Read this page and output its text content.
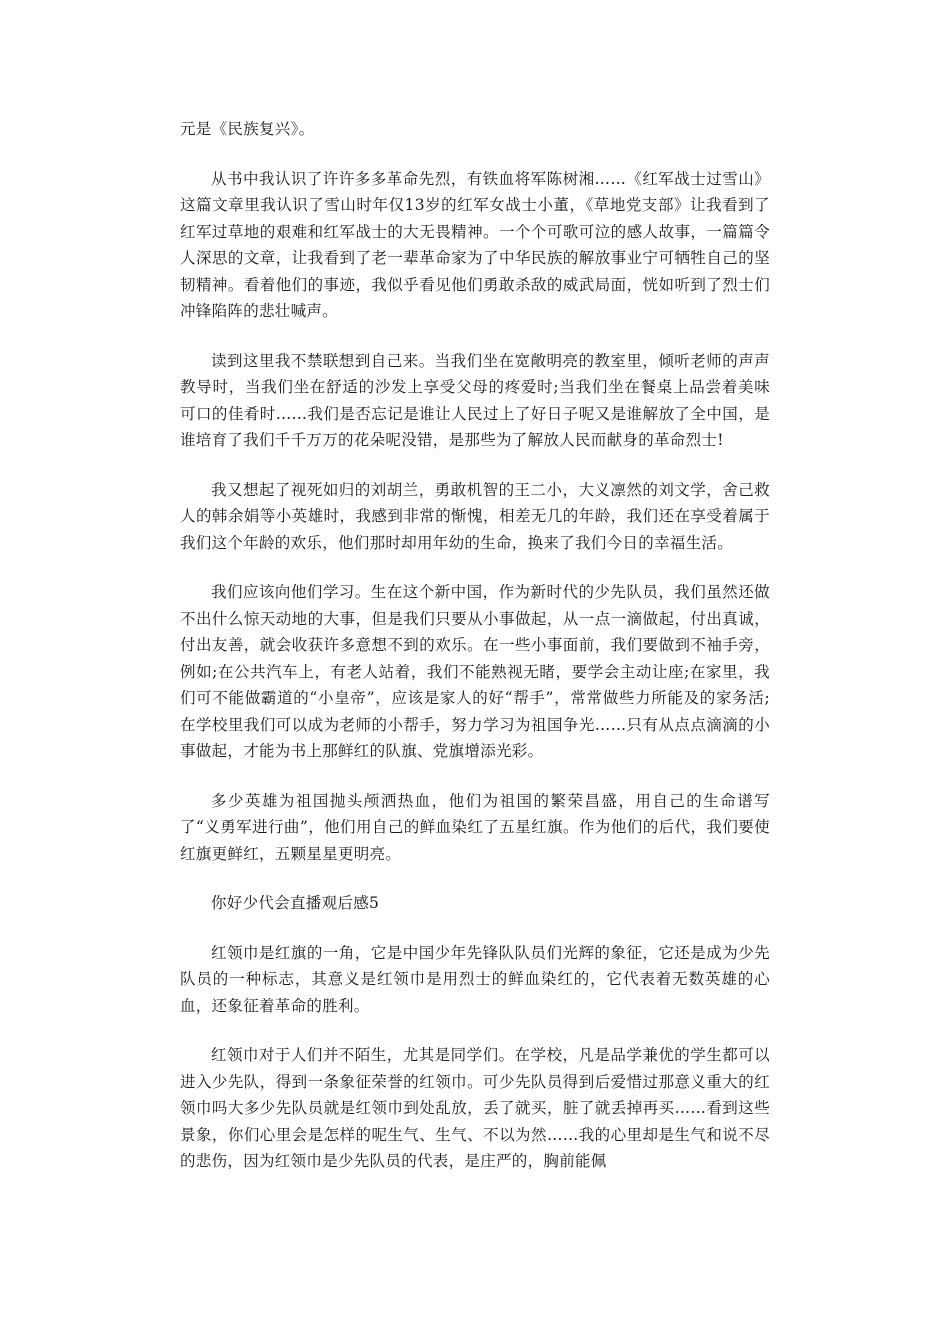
元是《民族复兴》。

从书中我认识了许许多多革命先烈，有铁血将军陈树湘……《红军战士过雪山》这篇文章里我认识了雪山时年仅13岁的红军女战士小董，《草地党支部》让我看到了红军过草地的艰难和红军战士的大无畏精神。一个个可歌可泣的感人故事，一篇篇令人深思的文章，让我看到了老一辈革命家为了中华民族的解放事业宁可牺牲自己的坚韧精神。看着他们的事迹，我似乎看见他们勇敢杀敌的威武局面，恍如听到了烈士们冲锋陷阵的悲壮喊声。

读到这里我不禁联想到自己来。当我们坐在宽敞明亮的教室里，倾听老师的声声教导时，当我们坐在舒适的沙发上享受父母的疼爱时;当我们坐在餐桌上品尝着美味可口的佳肴时……我们是否忘记是谁让人民过上了好日子呢又是谁解放了全中国，是谁培育了我们千千万万的花朵呢没错，是那些为了解放人民而献身的革命烈士!

我又想起了视死如归的刘胡兰，勇敢机智的王二小，大义凛然的刘文学，舍己救人的韩余娟等小英雄时，我感到非常的惭愧，相差无几的年龄，我们还在享受着属于我们这个年龄的欢乐，他们那时却用年幼的生命，换来了我们今日的幸福生活。

我们应该向他们学习。生在这个新中国，作为新时代的少先队员，我们虽然还做不出什么惊天动地的大事，但是我们只要从小事做起，从一点一滴做起，付出真诚，付出友善，就会收获许多意想不到的欢乐。在一些小事面前，我们要做到不袖手旁，例如;在公共汽车上，有老人站着，我们不能熟视无睹，要学会主动让座;在家里，我们可不能做霸道的“小皇帝”，应该是家人的好“帮手”，常常做些力所能及的家务活;在学校里我们可以成为老师的小帮手，努力学习为祖国争光……只有从点点滴滴的小事做起，才能为书上那鲜红的队旗、党旗增添光彩。

多少英雄为祖国抛头颅洒热血，他们为祖国的繁荣昌盛，用自己的生命谱写了“义勇军进行曲”，他们用自己的鲜血染红了五星红旗。作为他们的后代，我们要使红旗更鲜红，五颗星星更明亮。

你好少代会直播观后感5

红领巾是红旗的一角，它是中国少年先锋队队员们光辉的象征，它还是成为少先队员的一种标志，其意义是红领巾是用烈士的鲜血染红的，它代表着无数英雄的心血，还象征着革命的胜利。

红领巾对于人们并不陌生，尤其是同学们。在学校，凡是品学兼优的学生都可以进入少先队，得到一条象征荣誉的红领巾。可少先队员得到后爱惜过那意义重大的红领巾吗大多少先队员就是红领巾到处乱放，丢了就买，脏了就丢掉再买……看到这些景象，你们心里会是怎样的呢生气、生气、不以为然……我的心里却是生气和说不尽的悲伤，因为红领巾是少先队员的代表，是庄严的，胸前能佩
